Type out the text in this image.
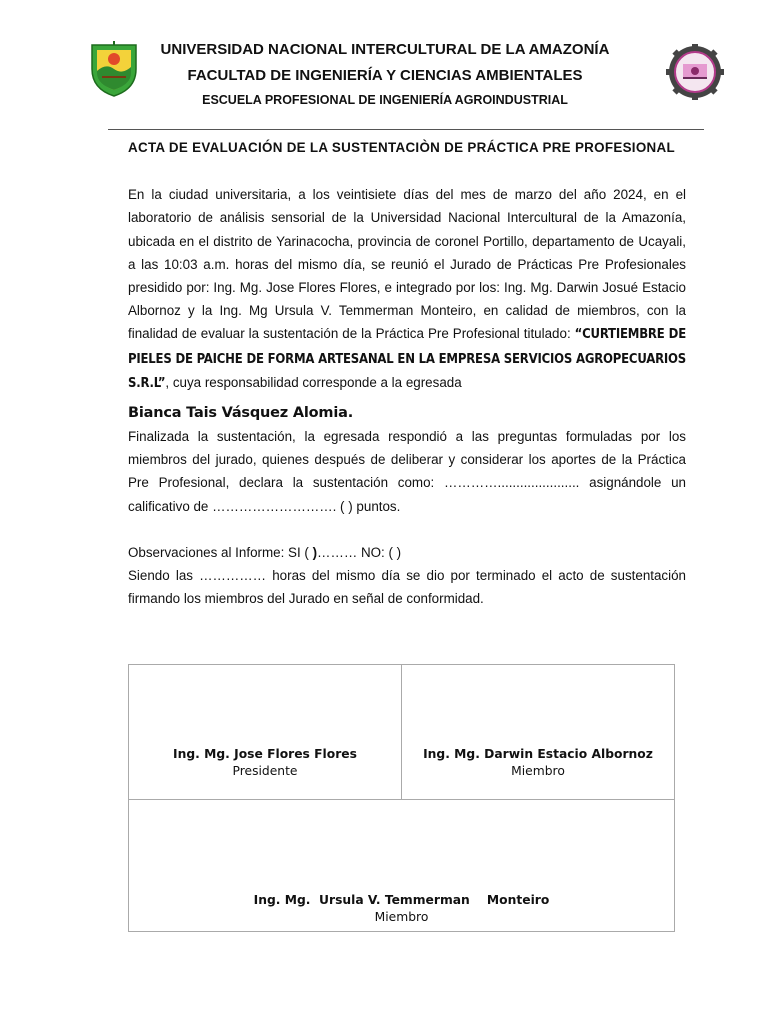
UNIVERSIDAD NACIONAL INTERCULTURAL DE LA AMAZONÍA
FACULTAD DE INGENIERÍA Y CIENCIAS AMBIENTALES
ESCUELA PROFESIONAL DE INGENIERÍA AGROINDUSTRIAL

ACTA DE EVALUACIÓN DE LA SUSTENTACIÒN DE PRÁCTICA PRE PROFESIONAL

En la ciudad universitaria, a los veintisiete días del mes de marzo del año 2024, en el laboratorio de análisis sensorial de la Universidad Nacional Intercultural de la Amazonía, ubicada en el distrito de Yarinacocha, provincia de coronel Portillo, departamento de Ucayali, a las 10:03 a.m. horas del mismo día, se reunió el Jurado de Prácticas Pre Profesionales presidido por: Ing. Mg. Jose Flores Flores, e integrado por los: Ing. Mg. Darwin Josué Estacio Albornoz y la Ing. Mg Ursula V. Temmerman Monteiro, en calidad de miembros, con la finalidad de evaluar la sustentación de la Práctica Pre Profesional titulado: “CURTIEMBRE DE PIELES DE PAICHE DE FORMA ARTESANAL EN LA EMPRESA SERVICIOS AGROPECUARIOS S.R.L”, cuya responsabilidad corresponde a la egresada

Bianca Tais Vásquez Alomia.

Finalizada la sustentación, la egresada respondió a las preguntas formuladas por los miembros del jurado, quienes después de deliberar y considerar los aportes de la Práctica Pre Profesional, declara la sustentación como: …………...................... asignándole un calificativo de ………………………. ( ) puntos.

Observaciones al Informe: SI ( )……… NO: ( )

Siendo las …………… horas del mismo día se dio por terminado el acto de sustentación firmando los miembros del Jurado en señal de conformidad.

Ing. Mg. Jose Flores Flores
Presidente
Ing. Mg. Darwin Estacio Albornoz
Miembro
Ing. Mg.  Ursula V. Temmerman    Monteiro
Miembro
